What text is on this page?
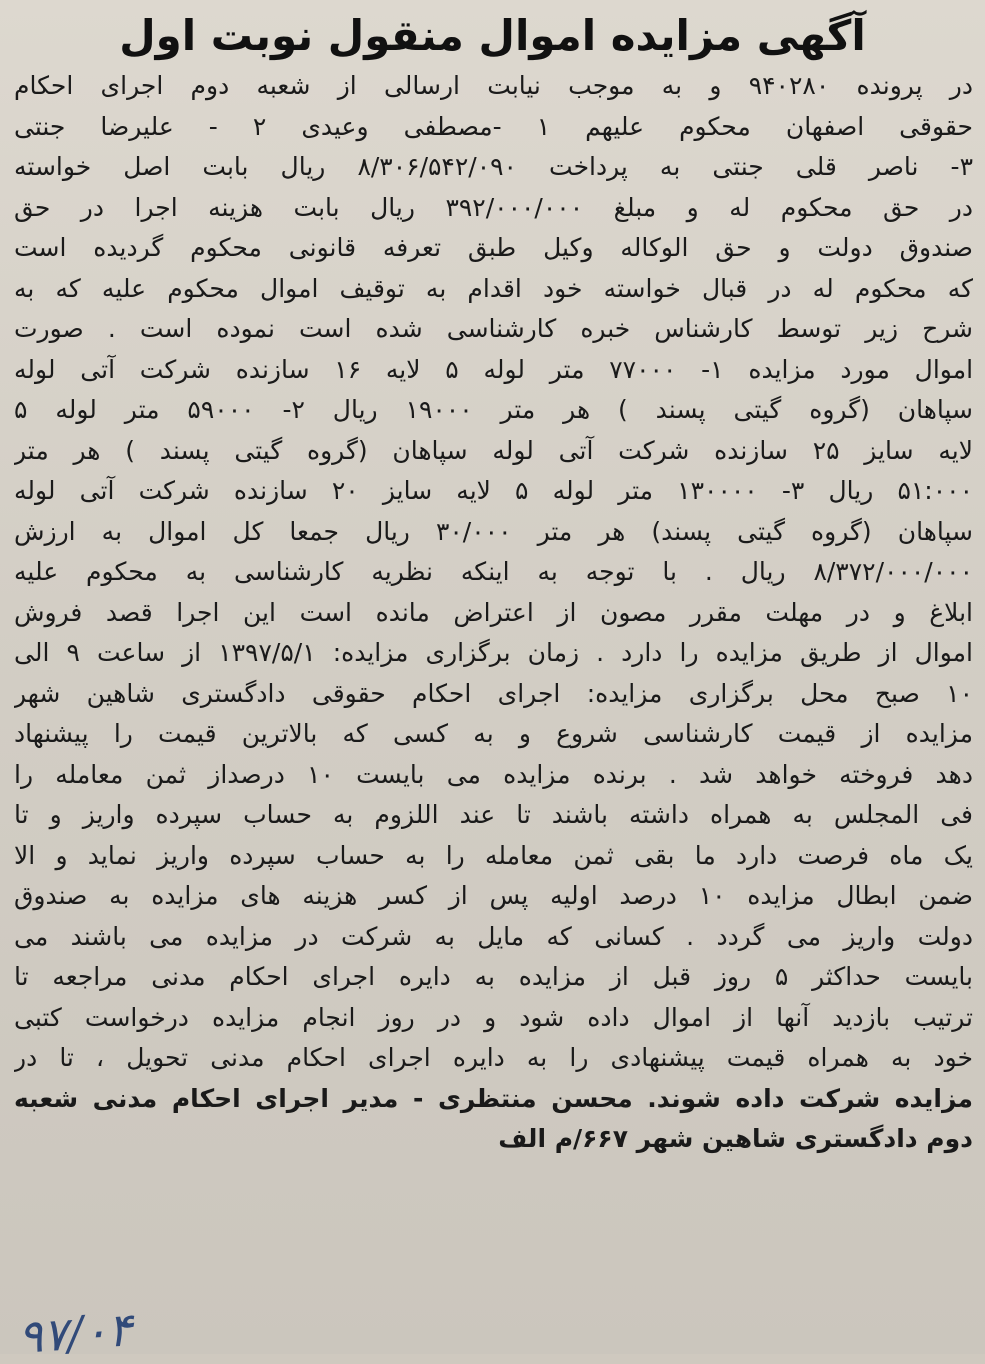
آگهی مزایده اموال منقول نوبت اول
در پرونده ۹۴۰۲۸۰ و به موجب نیابت ارسالی از شعبه دوم اجرای احکام
حقوقی اصفهان محکوم علیهم ۱ -مصطفی وعیدی ۲ - علیرضا جنتی
۳- ناصر قلی جنتی به پرداخت ۸/۳۰۶/۵۴۲/۰۹۰ ریال بابت اصل خواسته
در حق محکوم له و مبلغ ۳۹۲/۰۰۰/۰۰۰ ریال بابت هزینه اجرا در حق
صندوق دولت و حق الوکاله وکیل طبق تعرفه قانونی محکوم گردیده است
که محکوم له در قبال خواسته خود اقدام به توقیف اموال محکوم علیه که به
شرح زیر توسط کارشناس خبره کارشناسی شده است نموده است . صورت
اموال مورد مزایده ۱- ۷۷۰۰۰ متر لوله ۵ لایه ۱۶ سازنده شرکت آتی لوله
سپاهان (گروه گیتی پسند ) هر متر ۱۹۰۰۰ ریال ۲- ۵۹۰۰۰ متر لوله ۵
لایه سایز ۲۵ سازنده شرکت آتی لوله سپاهان (گروه گیتی پسند ) هر متر
۵۱:۰۰۰ ریال ۳- ۱۳۰۰۰۰ متر لوله ۵ لایه سایز ۲۰ سازنده شرکت آتی لوله
سپاهان (گروه گیتی پسند) هر متر ۳۰/۰۰۰ ریال جمعا کل اموال به ارزش
۸/۳۷۲/۰۰۰/۰۰۰ ریال . با توجه به اینکه نظریه کارشناسی به محکوم علیه
ابلاغ و در مهلت مقرر مصون از اعتراض مانده است این اجرا قصد فروش
اموال از طریق مزایده را دارد . زمان برگزاری مزایده: ۱۳۹۷/۵/۱ از ساعت ۹ الی
۱۰ صبح محل برگزاری مزایده: اجرای احکام حقوقی دادگستری شاهین شهر
مزایده از قیمت کارشناسی شروع و به کسی که بالاترین قیمت را پیشنهاد
دهد فروخته خواهد شد . برنده مزایده می بایست ۱۰ درصداز ثمن معامله را
فی المجلس به همراه داشته باشند تا عند اللزوم به حساب سپرده واریز و تا
یک ماه فرصت دارد ما بقی ثمن معامله را به حساب سپرده واریز نماید و الا
ضمن ابطال مزایده ۱۰ درصد اولیه پس از کسر هزینه های مزایده به صندوق
دولت واریز می گردد . کسانی که مایل به شرکت در مزایده می باشند می
بایست حداکثر ۵ روز قبل از مزایده به دایره اجرای احکام مدنی مراجعه تا
ترتیب بازدید آنها از اموال داده شود و در روز انجام مزایده درخواست کتبی
خود به همراه قیمت پیشنهادی را به دایره اجرای احکام مدنی تحویل ، تا در
مزایده شرکت داده شوند. محسن منتظری - مدیر اجرای احکام مدنی شعبه
دوم دادگستری شاهین شهر ۶۶۷/م الف
۹۷/۰۴
